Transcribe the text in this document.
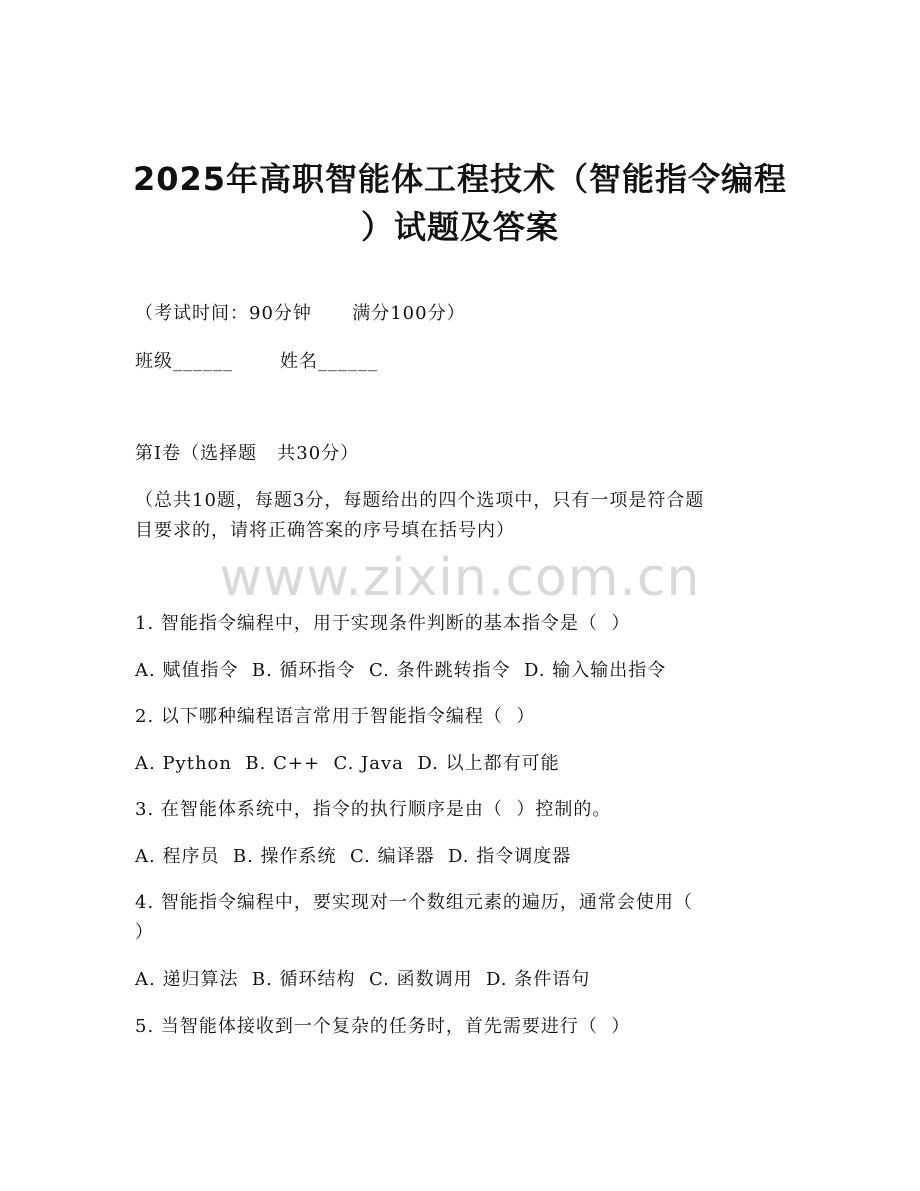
2025年高职智能体工程技术（智能指令编程
）试题及答案
（考试时间：90分钟      满分100分）
班级______       姓名______
第I卷（选择题   共30分）
（总共10题，每题3分，每题给出的四个选项中，只有一项是符合题
目要求的，请将正确答案的序号填在括号内）
www.zixin.com.cn
1. 智能指令编程中，用于实现条件判断的基本指令是（  ）
A. 赋值指令  B. 循环指令  C. 条件跳转指令  D. 输入输出指令
2. 以下哪种编程语言常用于智能指令编程（  ）
A. Python  B. C++  C. Java  D. 以上都有可能
3. 在智能体系统中，指令的执行顺序是由（  ）控制的。
A. 程序员  B. 操作系统  C. 编译器  D. 指令调度器
4. 智能指令编程中，要实现对一个数组元素的遍历，通常会使用（
）
A. 递归算法  B. 循环结构  C. 函数调用  D. 条件语句
5. 当智能体接收到一个复杂的任务时，首先需要进行（  ）
